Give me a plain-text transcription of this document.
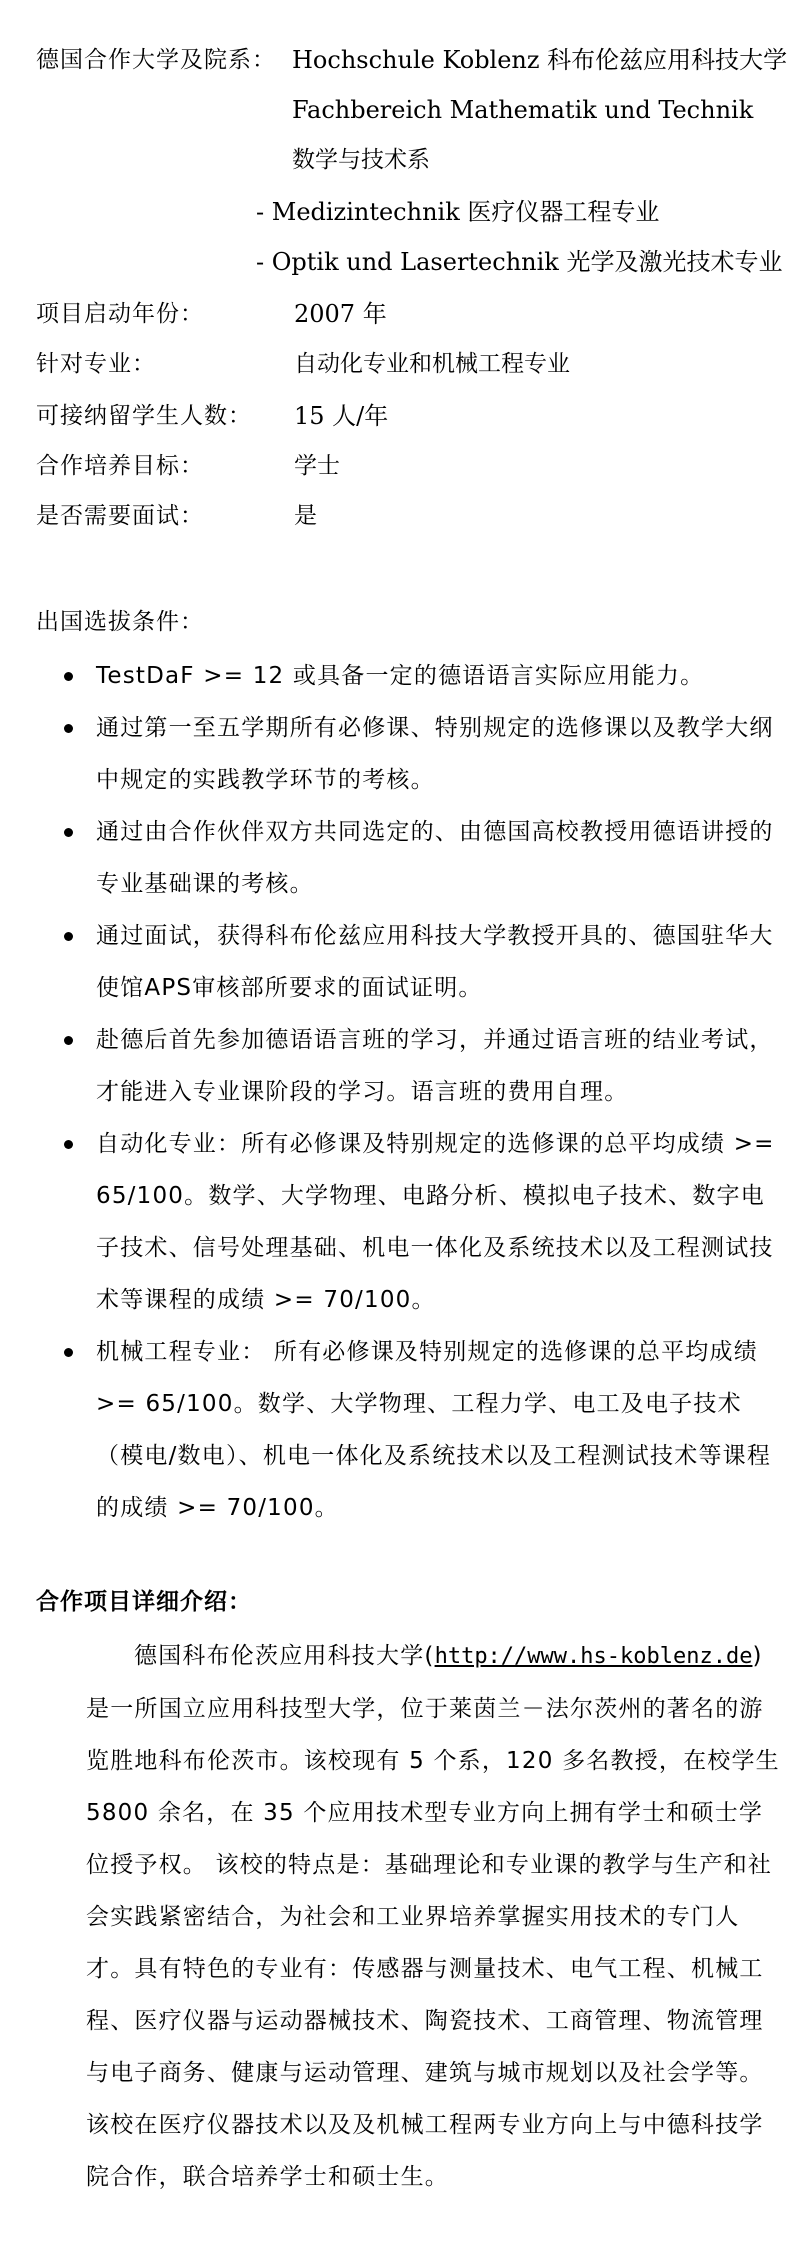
德国合作大学及院系： Hochschule Koblenz 科布伦兹应用科技大学
Fachbereich Mathematik und Technik
数学与技术系
- Medizintechnik 医疗仪器工程专业
- Optik und Lasertechnik 光学及激光技术专业
项目启动年份：	2007 年
针对专业：	自动化专业和机械工程专业
可接纳留学生人数： 15 人/年
合作培养目标：	学士
是否需要面试：	是
出国选拔条件：
TestDaF >= 12 或具备一定的德语语言实际应用能力。
通过第一至五学期所有必修课、特别规定的选修课以及教学大纲中规定的实践教学环节的考核。
通过由合作伙伴双方共同选定的、由德国高校教授用德语讲授的专业基础课的考核。
通过面试，获得科布伦兹应用科技大学教授开具的、德国驻华大使馆APS审核部所要求的面试证明。
赴德后首先参加德语语言班的学习，并通过语言班的结业考试，才能进入专业课阶段的学习。语言班的费用自理。
自动化专业：所有必修课及特别规定的选修课的总平均成绩 >= 65/100。数学、大学物理、电路分析、模拟电子技术、数字电子技术、信号处理基础、机电一体化及系统技术以及工程测试技术等课程的成绩 >= 70/100。
机械工程专业： 所有必修课及特别规定的选修课的总平均成绩 >= 65/100。数学、大学物理、工程力学、电工及电子技术（模电/数电）、机电一体化及系统技术以及工程测试技术等课程的成绩 >= 70/100。
合作项目详细介绍：

德国科布伦茨应用科技大学(http://www.hs-koblenz.de)是一所国立应用科技型大学，位于莱茵兰－法尔茨州的著名的游览胜地科布伦茨市。该校现有 5 个系，120 多名教授，在校学生 5800 余名，在 35 个应用技术型专业方向上拥有学士和硕士学位授予权。 该校的特点是：基础理论和专业课的教学与生产和社会实践紧密结合，为社会和工业界培养掌握实用技术的专门人才。具有特色的专业有：传感器与测量技术、电气工程、机械工程、医疗仪器与运动器械技术、陶瓷技术、工商管理、物流管理与电子商务、健康与运动管理、建筑与城市规划以及社会学等。该校在医疗仪器技术以及及机械工程两专业方向上与中德科技学院合作，联合培养学士和硕士生。
